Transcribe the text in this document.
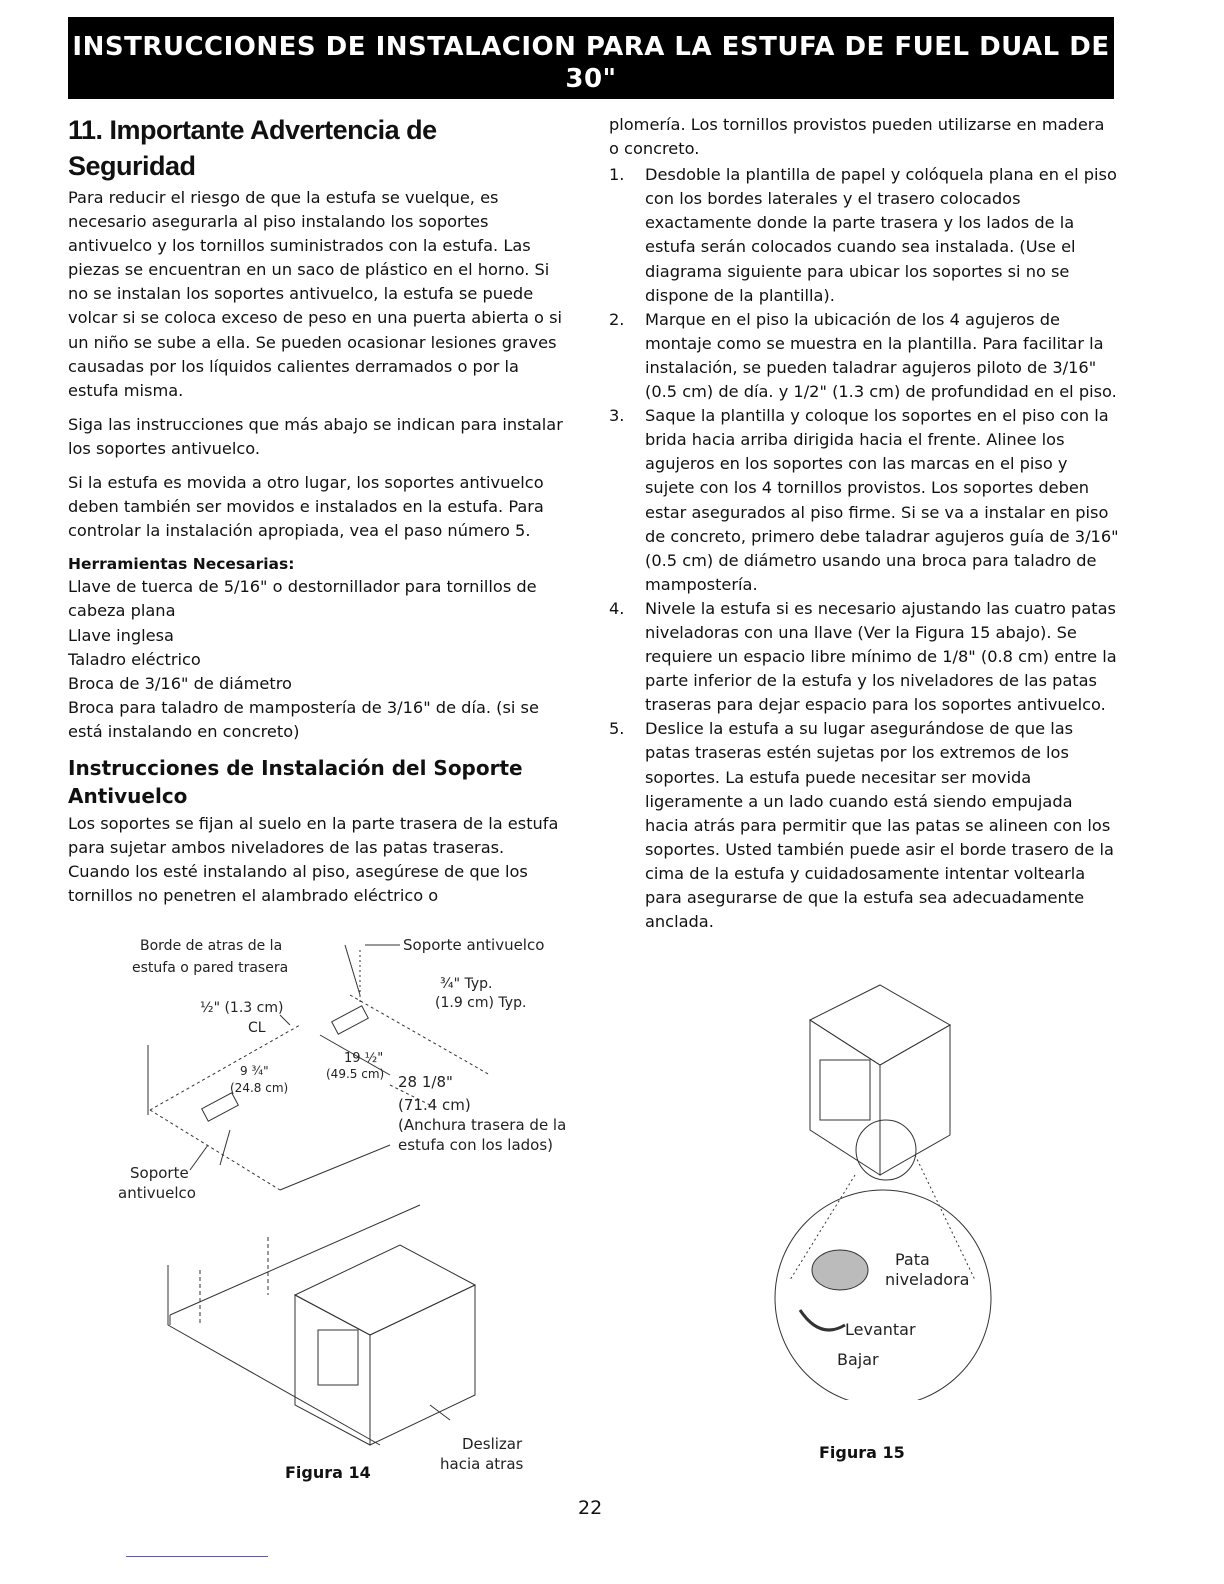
INSTRUCCIONES DE INSTALACION PARA LA ESTUFA DE FUEL DUAL DE 30"
(Para Modelos con un Horno Eléctrico y una Estufa a Gas)
11. Importante Advertencia de Seguridad

Para reducir el riesgo de que la estufa se vuelque, es necesario asegurarla al piso instalando los soportes antivuelco y los tornillos suministrados con la estufa. Las piezas se encuentran en un saco de plástico en el horno. Si no se instalan los soportes antivuelco, la estufa se puede volcar si se coloca exceso de peso en una puerta abierta o si un niño se sube a ella. Se pueden ocasionar lesiones graves causadas por los líquidos calientes derramados o por la estufa misma.

Siga las instrucciones que más abajo se indican para instalar los soportes antivuelco.

Si la estufa es movida a otro lugar, los soportes antivuelco deben también ser movidos e instalados en la estufa. Para controlar la instalación apropiada, vea el paso número 5.

Herramientas Necesarias:
Llave de tuerca de 5/16" o destornillador para tornillos de cabeza plana
Llave inglesa
Taladro eléctrico
Broca de 3/16" de diámetro
Broca para taladro de mampostería de 3/16" de día. (si se está instalando en concreto)
Instrucciones de Instalación del Soporte Antivuelco

Los soportes se fijan al suelo en la parte trasera de la estufa para sujetar ambos niveladores de las patas traseras. Cuando los esté instalando al piso, asegúrese de que los tornillos no penetren el alambrado eléctrico o

plomería. Los tornillos provistos pueden utilizarse en madera o concreto.

1. Desdoble la plantilla de papel y colóquela plana en el piso con los bordes laterales y el trasero colocados exactamente donde la parte trasera y los lados de la estufa serán colocados cuando sea instalada. (Use el diagrama siguiente para ubicar los soportes si no se dispone de la plantilla).
2. Marque en el piso la ubicación de los 4 agujeros de montaje como se muestra en la plantilla. Para facilitar la instalación, se pueden taladrar agujeros piloto de 3/16" (0.5 cm) de día. y 1/2" (1.3 cm) de profundidad en el piso.
3. Saque la plantilla y coloque los soportes en el piso con la brida hacia arriba dirigida hacia el frente. Alinee los agujeros en los soportes con las marcas en el piso y sujete con los 4 tornillos provistos. Los soportes deben estar asegurados al piso firme. Si se va a instalar en piso de concreto, primero debe taladrar agujeros guía de 3/16" (0.5 cm) de diámetro usando una broca para taladro de mampostería.
4. Nivele la estufa si es necesario ajustando las cuatro patas niveladoras con una llave (Ver la Figura 15 abajo). Se requiere un espacio libre mínimo de 1/8" (0.8 cm) entre la parte inferior de la estufa y los niveladores de las patas traseras para dejar espacio para los soportes antivuelco.
5. Deslice la estufa a su lugar asegurándose de que las patas traseras estén sujetas por los extremos de los soportes. La estufa puede necesitar ser movida ligeramente a un lado cuando está siendo empujada hacia atrás para permitir que las patas se alineen con los soportes. Usted también puede asir el borde trasero de la cima de la estufa y cuidadosamente intentar voltearla para asegurarse de que la estufa sea adecuadamente anclada.
Borde de atras de la
estufa o pared trasera
Soporte antivuelco
¾" Typ.
(1.9 cm) Typ.
½" (1.3 cm)
CL
19 ½"
(49.5 cm)
9 ¾"
(24.8 cm)	28 1/8"
(71.4 cm)
(Anchura trasera de la
estufa con los lados)
Soporte
antivuelco
Deslizar
hacia atras
Figura 14
Pata
niveladora
Levantar
Bajar
Figura 15
22
